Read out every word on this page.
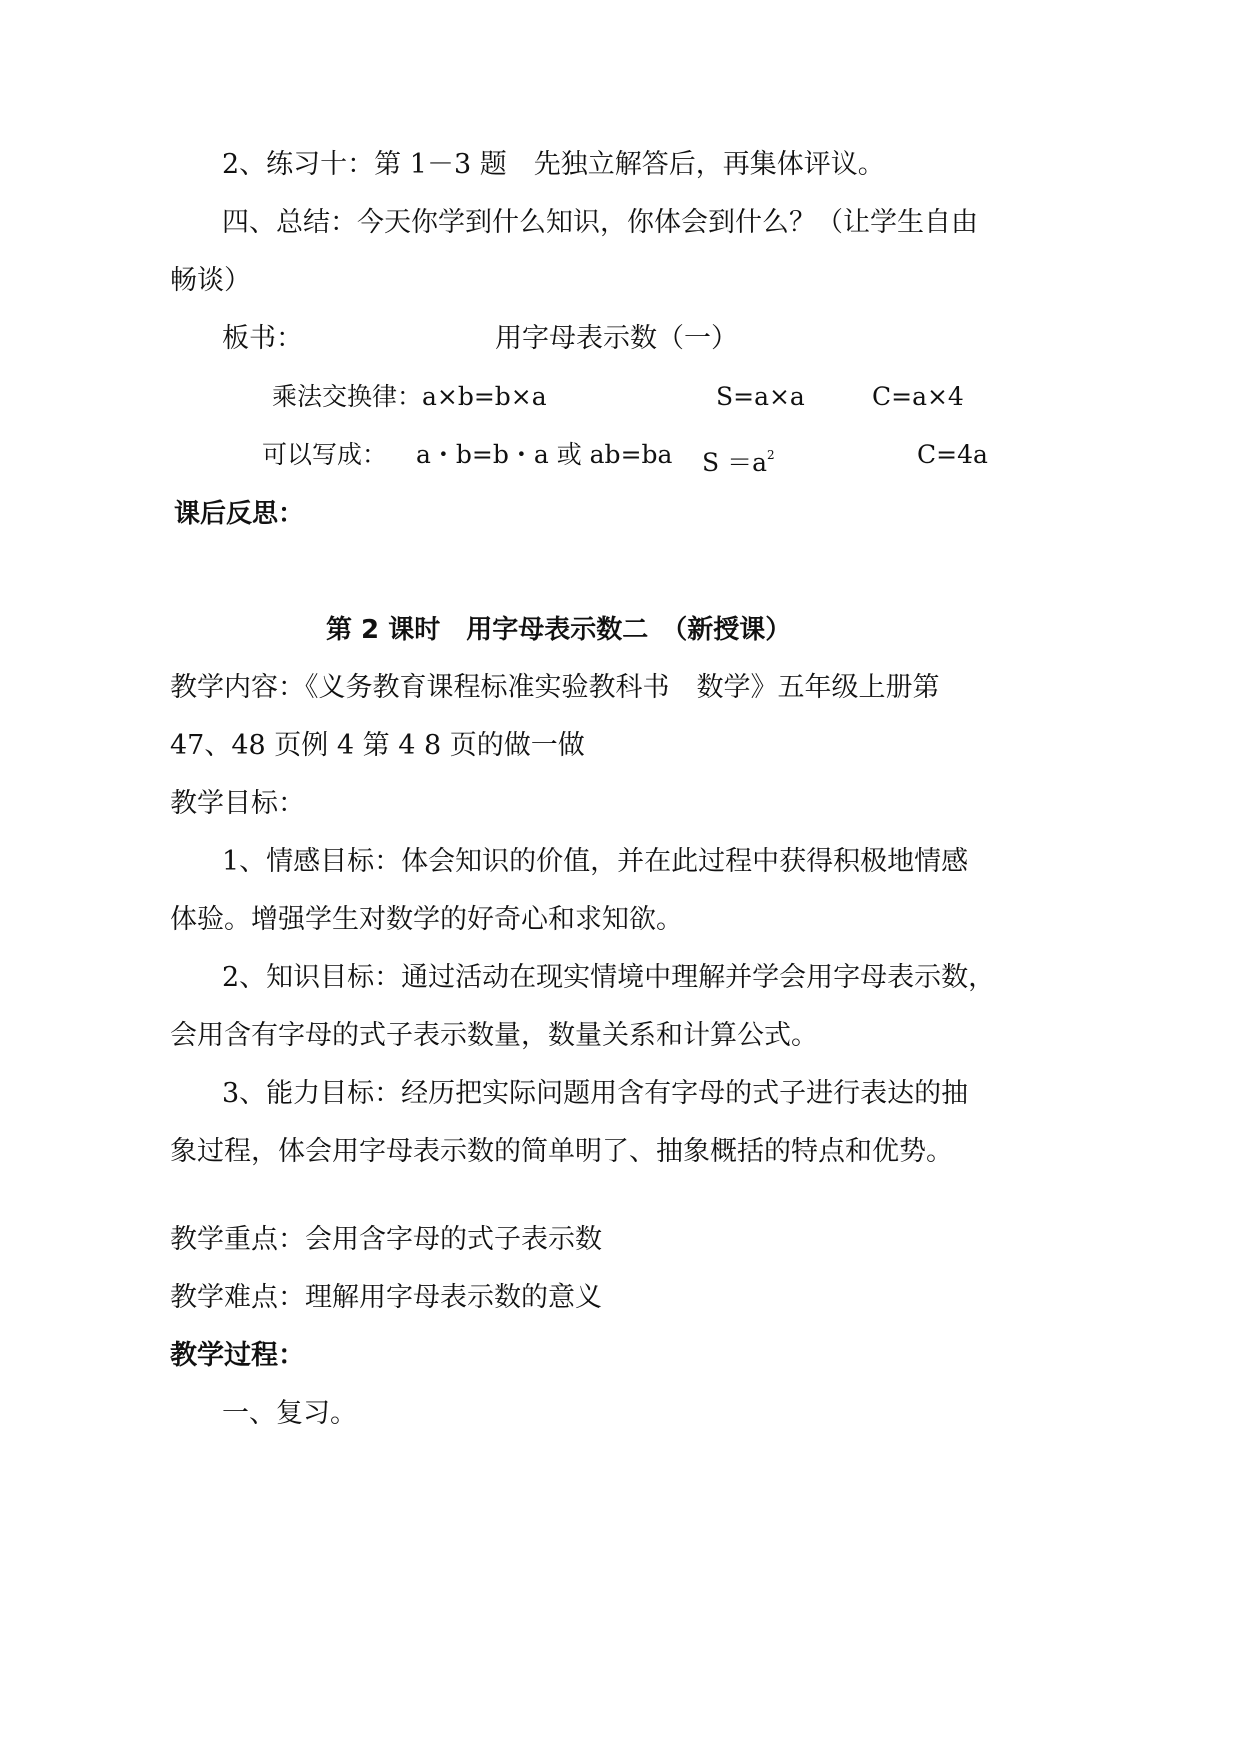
2、练习十：第 1－3 题　先独立解答后，再集体评议。
四、总结：今天你学到什么知识，你体会到什么？（让学生自由
畅谈）
板书：	用字母表示数（一）
乘法交换律：a×b=b×a	S=a×a	C=a×4
可以写成： a・b=b・a 或 ab=ba $S =a^2$	C=4a
课后反思：
第 2 课时　用字母表示数二　（新授课）
教学内容：《义务教育课程标准实验教科书　数学》五年级上册第
47、48 页例 4 第 4 8 页的做一做
教学目标：
1、情感目标：体会知识的价值，并在此过程中获得积极地情感
体验。增强学生对数学的好奇心和求知欲。
2、知识目标：通过活动在现实情境中理解并学会用字母表示数，
会用含有字母的式子表示数量，数量关系和计算公式。
3、能力目标：经历把实际问题用含有字母的式子进行表达的抽
象过程，体会用字母表示数的简单明了、抽象概括的特点和优势。
教学重点：会用含字母的式子表示数
教学难点：理解用字母表示数的意义
教学过程：
一、复习。
